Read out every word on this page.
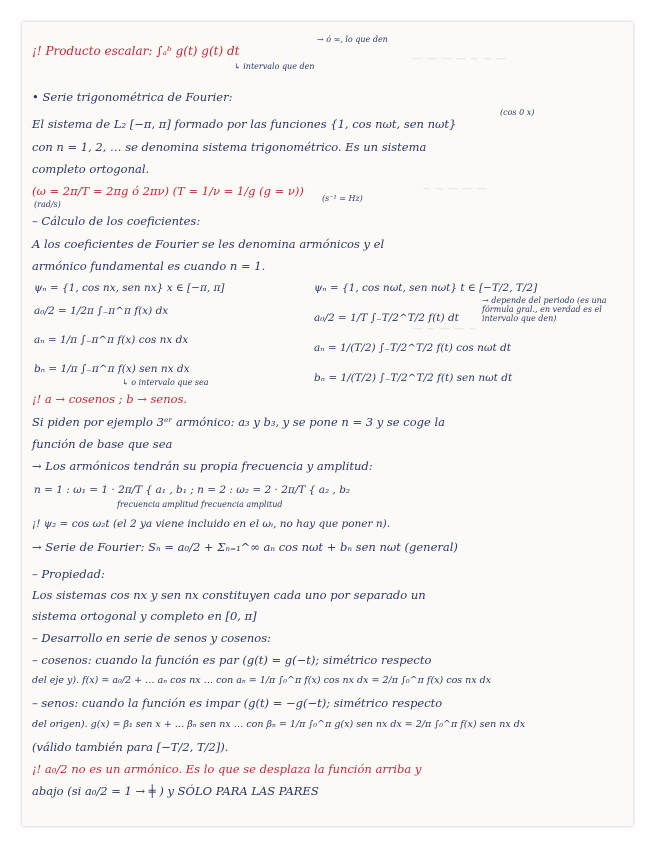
— — — — ~ ~ —
~ ~ — — —
— ~ — — ~
¡! Producto escalar: ∫ₐᵇ g(t) g(t) dt
→ ó ∞, lo que den
↳ intervalo que den
• Serie trigonométrica de Fourier:
(cos 0 x)
El sistema de L₂ [−π, π] formado por las funciones {1, cos nωt, sen nωt}
con n = 1, 2, … se denomina sistema trigonométrico. Es un sistema
completo ortogonal.
(ω = 2π/T = 2πg ó 2πν) (T = 1/ν = 1/g (g = ν))
(rad/s)
(s⁻¹ = Hz)
– Cálculo de los coeficientes:
A los coeficientes de Fourier se les denomina armónicos y el
armónico fundamental es cuando n = 1.
ψₙ = {1, cos nx, sen nx} x ∈ [−π, π]
a₀/2 = 1/2π ∫₋π^π f(x) dx
aₙ = 1/π ∫₋π^π f(x) cos nx dx
bₙ = 1/π ∫₋π^π f(x) sen nx dx
↳ o intervalo que sea
ψₙ = {1, cos nωt, sen nωt} t ∈ [−T/2, T/2]
a₀/2 = 1/T ∫₋T/2^T/2 f(t) dt
aₙ = 1/(T/2) ∫₋T/2^T/2 f(t) cos nωt dt
bₙ = 1/(T/2) ∫₋T/2^T/2 f(t) sen nωt dt
→ depende del periodo (es una fórmula gral., en verdad es el intervalo que den)
¡! a → cosenos ; b → senos.
Si piden por ejemplo 3ᵉʳ armónico: a₃ y b₃, y se pone n = 3 y se coge la
función de base que sea
→ Los armónicos tendrán su propia frecuencia y amplitud:
n = 1 : ω₁ = 1 · 2π/T { a₁ , b₁ ; n = 2 : ω₂ = 2 · 2π/T { a₂ , b₂
frecuencia amplitud frecuencia amplitud
¡! ψ₂ = cos ω₂t (el 2 ya viene incluido en el ωᵢ, no hay que poner n).
→ Serie de Fourier: Sₙ = a₀/2 + Σₙ₌₁^∞ aₙ cos nωt + bₙ sen nωt (general)
– Propiedad:
Los sistemas cos nx y sen nx constituyen cada uno por separado un
sistema ortogonal y completo en [0, π]
– Desarrollo en serie de senos y cosenos:
– cosenos: cuando la función es par (g(t) = g(−t); simétrico respecto
del eje y). f(x) = a₀/2 + … aₙ cos nx … con aₙ = 1/π ∫₀^π f(x) cos nx dx = 2/π ∫₀^π f(x) cos nx dx
– senos: cuando la función es impar (g(t) = −g(−t); simétrico respecto
del origen). g(x) = β₁ sen x + … βₙ sen nx … con βₙ = 1/π ∫₀^π g(x) sen nx dx = 2/π ∫₀^π f(x) sen nx dx
(válido también para [−T/2, T/2]).
¡! a₀/2 no es un armónico. Es lo que se desplaza la función arriba y
abajo (si a₀/2 = 1 → ╪ ) y SÓLO PARA LAS PARES
